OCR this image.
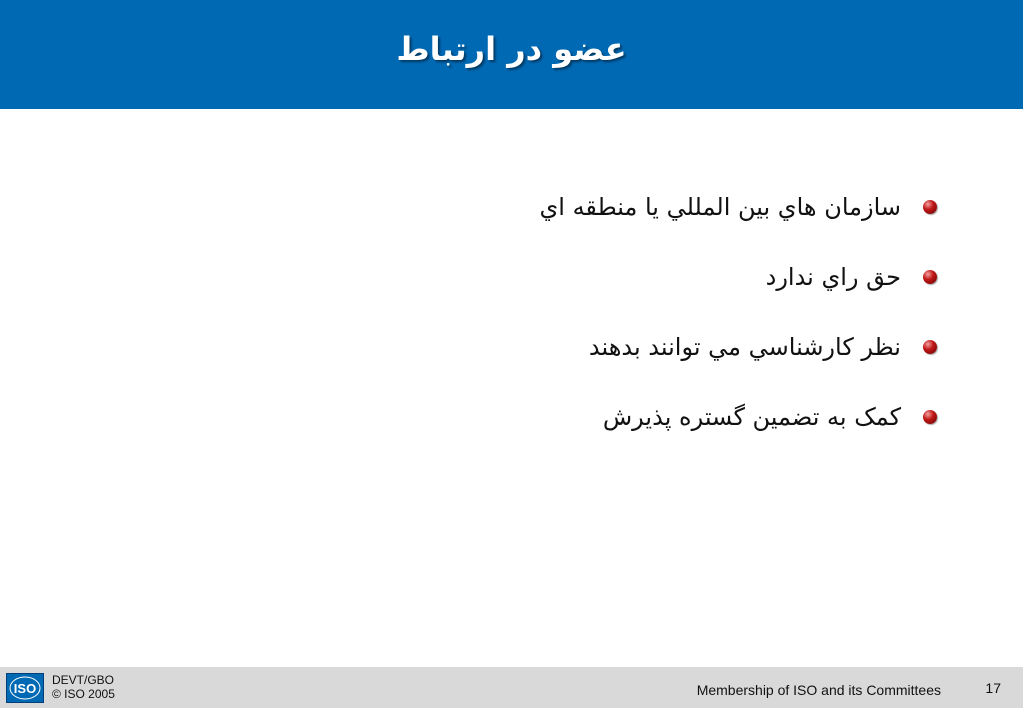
عضو در ارتباط
سازمان هاي بين المللي يا منطقه اي
حق راي ندارد
نظر كارشناسي مي توانند بدهند
كمک به تضمين گستره پذيرش
ISO
DEVT/GBO
© ISO 2005	Membership of ISO and its Committees	17
